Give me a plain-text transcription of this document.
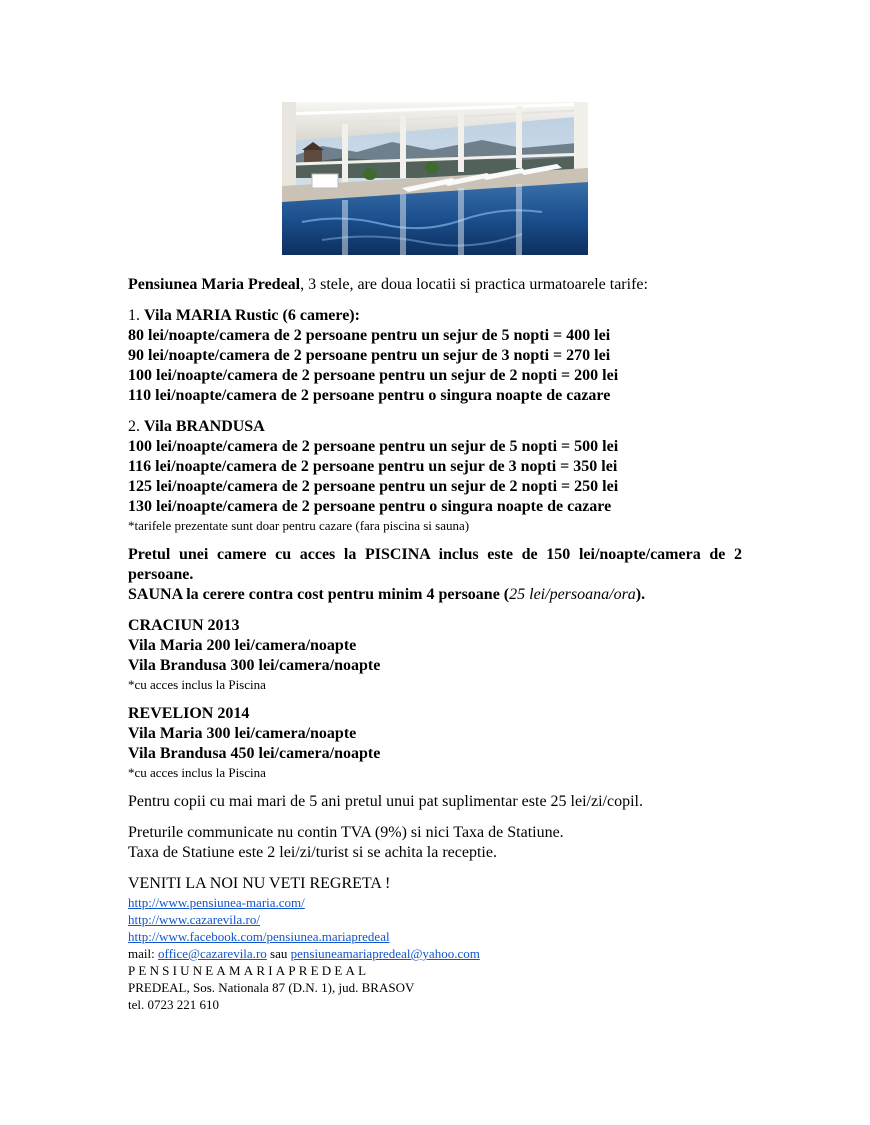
Pensiunea Maria Predeal, 3 stele, are doua locatii si practica urmatoarele tarife:

1. Vila MARIA Rustic (6 camere):

80 lei/noapte/camera de 2 persoane pentru un sejur de 5 nopti = 400 lei

90 lei/noapte/camera de 2 persoane pentru un sejur de 3 nopti = 270 lei

100 lei/noapte/camera de 2 persoane pentru un sejur de 2 nopti = 200 lei

110 lei/noapte/camera de 2 persoane pentru o singura noapte de cazare

2. Vila BRANDUSA

100 lei/noapte/camera de 2 persoane pentru un sejur de 5 nopti = 500 lei

116 lei/noapte/camera de 2 persoane pentru un sejur de 3 nopti = 350 lei

125 lei/noapte/camera de 2 persoane pentru un sejur de 2 nopti = 250 lei

130 lei/noapte/camera de 2 persoane pentru o singura noapte de cazare

*tarifele prezentate sunt doar pentru cazare (fara piscina si sauna)

Pretul unei camere cu acces la PISCINA inclus este de 150 lei/noapte/camera de 2 persoane.

SAUNA la cerere contra cost pentru minim 4 persoane (25 lei/persoana/ora).

CRACIUN 2013

Vila Maria 200 lei/camera/noapte

Vila Brandusa 300 lei/camera/noapte

*cu acces inclus la Piscina

REVELION 2014

Vila Maria 300 lei/camera/noapte

Vila Brandusa 450 lei/camera/noapte

*cu acces inclus la Piscina

Pentru copii cu mai mari de 5 ani pretul unui pat suplimentar este 25 lei/zi/copil.

Preturile communicate nu contin TVA (9%) si nici Taxa de Statiune.

Taxa de Statiune este 2 lei/zi/turist si se achita la receptie.

VENITI LA NOI NU VETI REGRETA !

http://www.pensiunea-maria.com/

http://www.cazarevila.ro/

http://www.facebook.com/pensiunea.mariapredeal

mail: office@cazarevila.ro sau pensiuneamariapredeal@yahoo.com

PENSIUNEAMARIAPREDEAL

PREDEAL, Sos. Nationala 87 (D.N. 1), jud. BRASOV

tel. 0723 221 610
